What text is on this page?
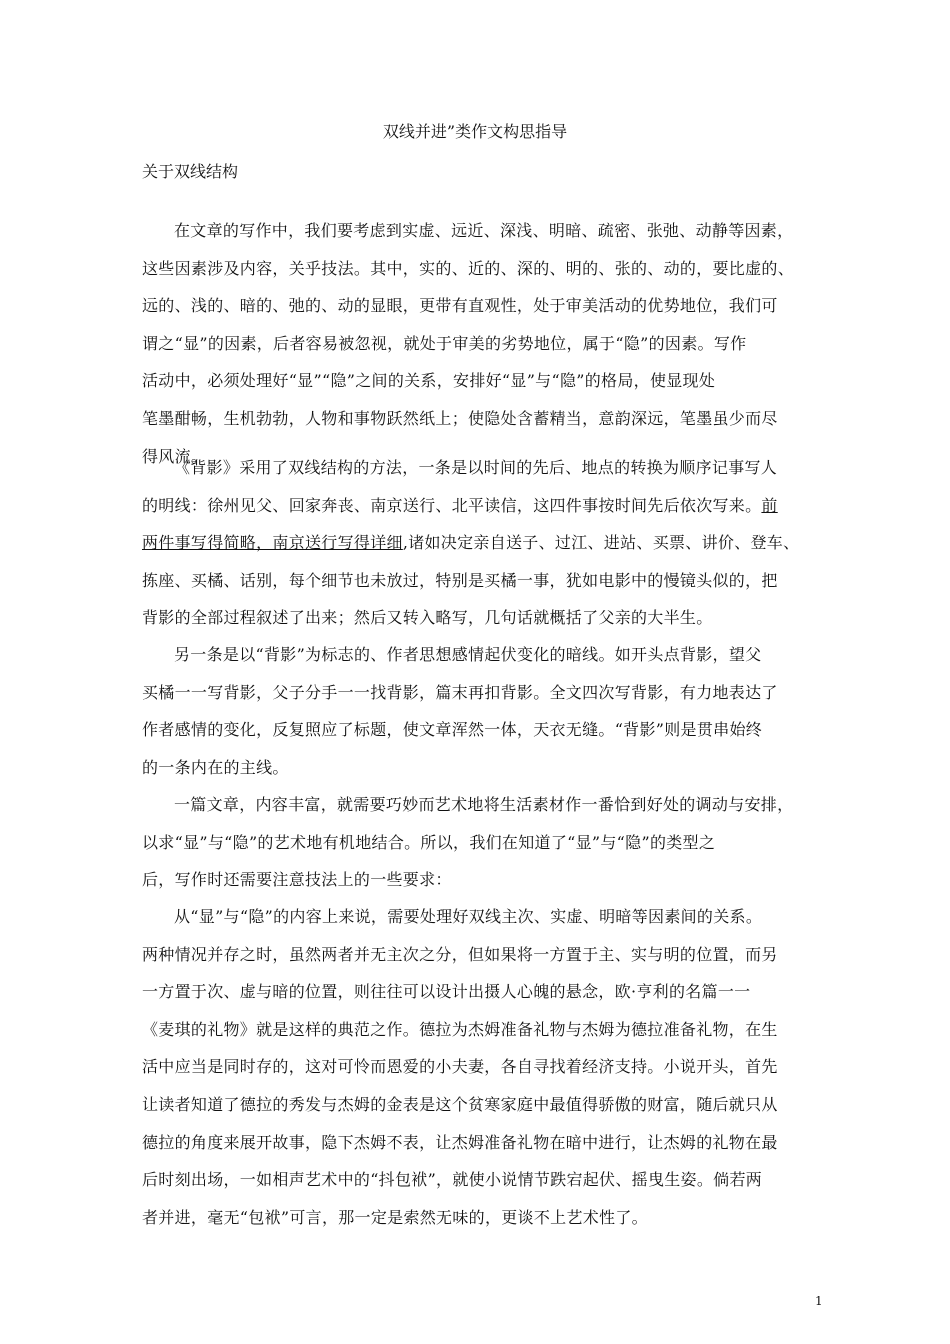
双线并进”类作文构思指导
关于双线结构
在文章的写作中，我们要考虑到实虚、远近、深浅、明暗、疏密、张弛、动静等因素，
这些因素涉及内容，关乎技法。其中，实的、近的、深的、明的、张的、动的，要比虚的、
远的、浅的、暗的、弛的、动的显眼，更带有直观性，处于审美活动的优势地位，我们可
谓之“显”的因素，后者容易被忽视，就处于审美的劣势地位，属于“隐”的因素。写作
活动中，必须处理好“显”“隐”之间的关系，安排好“显”与“隐”的格局，使显现处
笔墨酣畅，生机勃勃，人物和事物跃然纸上；使隐处含蓄精当，意韵深远，笔墨虽少而尽
得风流。
《背影》采用了双线结构的方法，一条是以时间的先后、地点的转换为顺序记事写人
的明线：徐州见父、回家奔丧、南京送行、北平读信，这四件事按时间先后依次写来。前
两件事写得简略，南京送行写得详细,诸如决定亲自送子、过江、进站、买票、讲价、登车、
拣座、买橘、话别，每个细节也未放过，特别是买橘一事，犹如电影中的慢镜头似的，把
背影的全部过程叙述了出来；然后又转入略写，几句话就概括了父亲的大半生。
另一条是以“背影”为标志的、作者思想感情起伏变化的暗线。如开头点背影，望父
买橘一一写背影，父子分手一一找背影，篇末再扣背影。全文四次写背影，有力地表达了
作者感情的变化，反复照应了标题，使文章浑然一体，天衣无缝。“背影”则是贯串始终
的一条内在的主线。
一篇文章，内容丰富，就需要巧妙而艺术地将生活素材作一番恰到好处的调动与安排，
以求“显”与“隐”的艺术地有机地结合。所以，我们在知道了“显”与“隐”的类型之
后，写作时还需要注意技法上的一些要求：
从“显”与“隐”的内容上来说，需要处理好双线主次、实虚、明暗等因素间的关系。
两种情况并存之时，虽然两者并无主次之分，但如果将一方置于主、实与明的位置，而另
一方置于次、虚与暗的位置，则往往可以设计出摄人心魄的悬念，欧·亨利的名篇一一
《麦琪的礼物》就是这样的典范之作。德拉为杰姆准备礼物与杰姆为德拉准备礼物，在生
活中应当是同时存的，这对可怜而恩爱的小夫妻，各自寻找着经济支持。小说开头，首先
让读者知道了德拉的秀发与杰姆的金表是这个贫寒家庭中最值得骄傲的财富，随后就只从
德拉的角度来展开故事，隐下杰姆不表，让杰姆准备礼物在暗中进行，让杰姆的礼物在最
后时刻出场，一如相声艺术中的“抖包袱”，就使小说情节跌宕起伏、摇曳生姿。倘若两
者并进，毫无“包袱”可言，那一定是索然无味的，更谈不上艺术性了。
1
